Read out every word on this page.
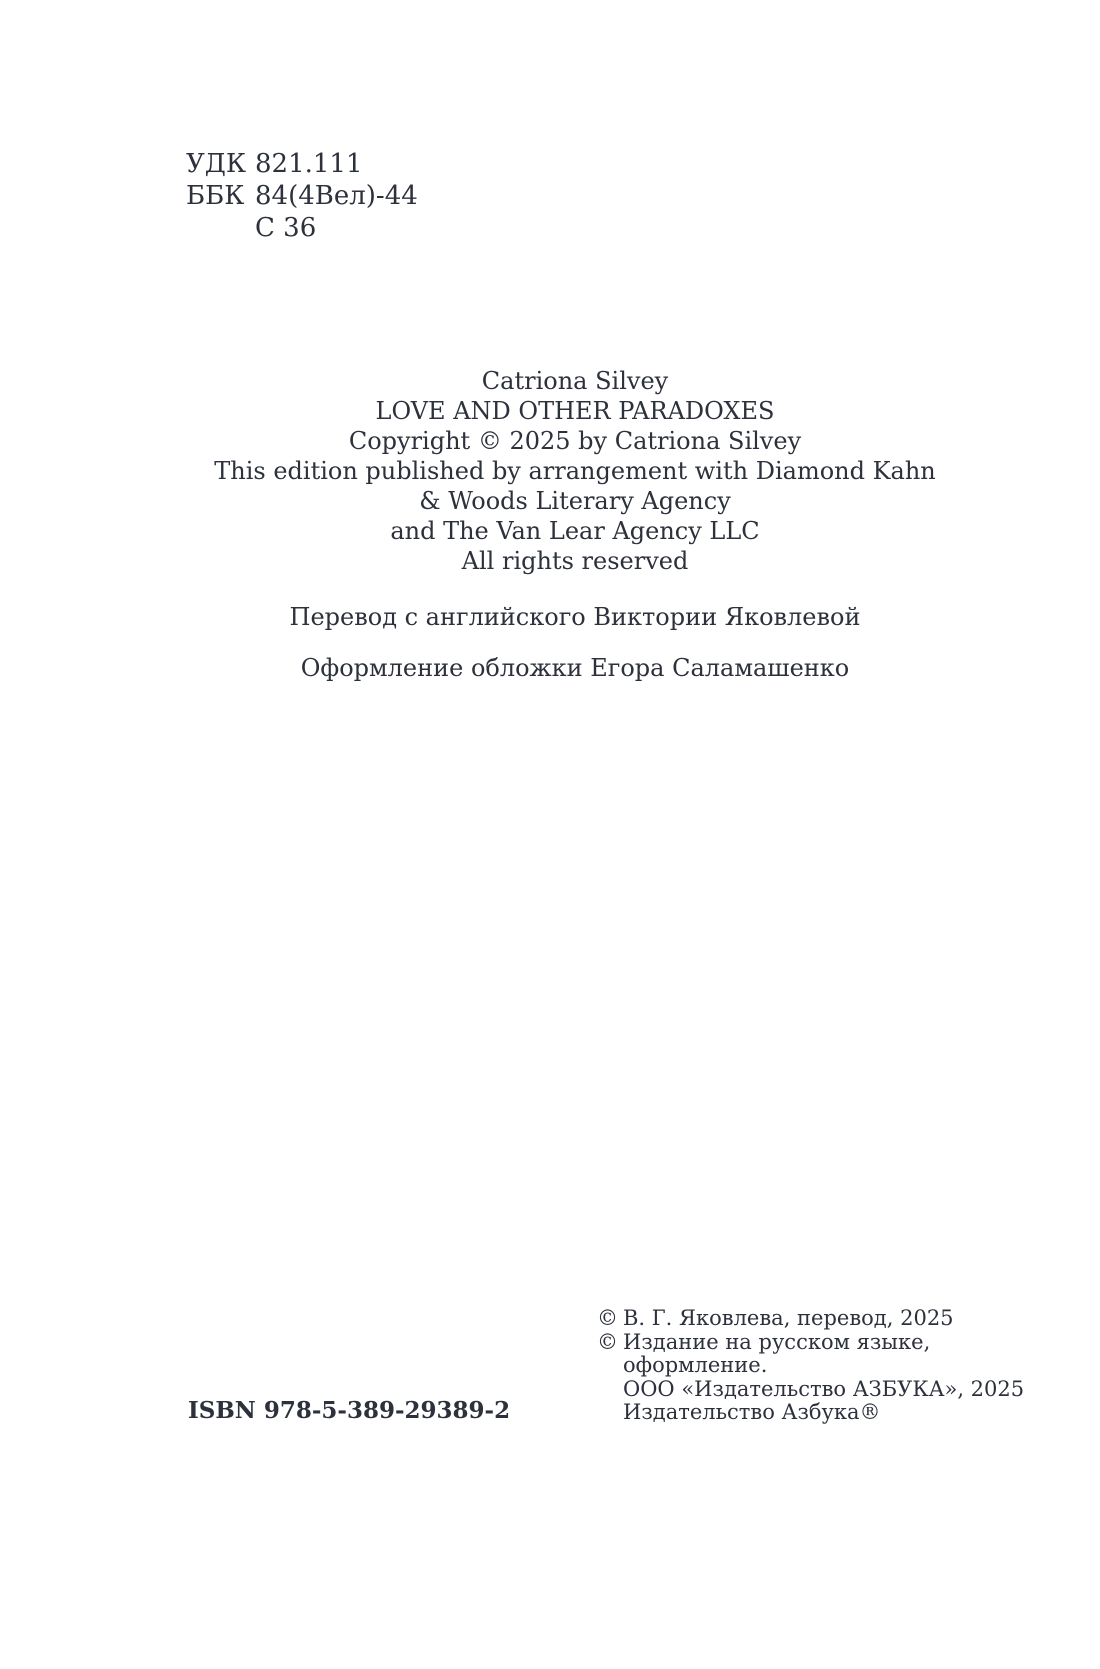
УДК 821.111
ББК 84(4Вел)-44
С 36
Catriona Silvey
LOVE AND OTHER PARADOXES
Copyright © 2025 by Catriona Silvey
This edition published by arrangement with Diamond Kahn
& Woods Literary Agency
and The Van Lear Agency LLC
All rights reserved
Перевод с английского Виктории Яковлевой
Оформление обложки Егора Саламашенко
ISBN 978-5-389-29389-2
© В. Г. Яковлева, перевод, 2025
© Издание на русском языке,
оформление.
ООО «Издательство АЗБУКА», 2025
Издательство Азбука®
